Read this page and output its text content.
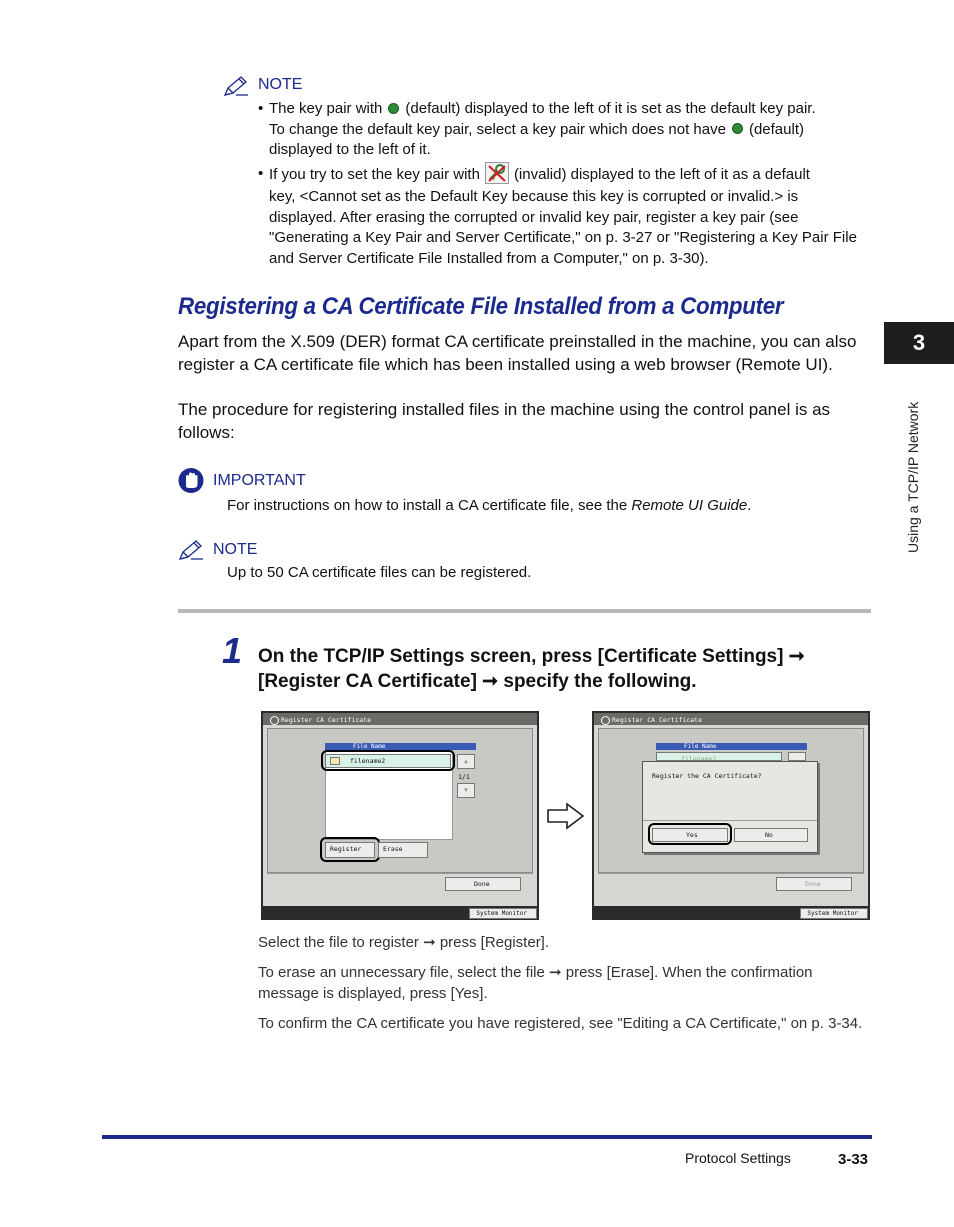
NOTE
• The key pair with (default) displayed to the left of it is set as the default key pair.
To change the default key pair, select a key pair which does not have (default)
displayed to the left of it.
• If you try to set the key pair with (invalid) displayed to the left of it as a default

key, <Cannot set as the Default Key because this key is corrupted or invalid.> is displayed. After erasing the corrupted or invalid key pair, register a key pair (see "Generating a Key Pair and Server Certificate," on p. 3-27 or "Registering a Key Pair File and Server Certificate File Installed from a Computer," on p. 3-30).
Registering a CA Certificate File Installed from a Computer
Apart from the X.509 (DER) format CA certificate preinstalled in the machine, you can also register a CA certificate file which has been installed using a web browser (Remote UI).
The procedure for registering installed files in the machine using the control panel is as follows:
IMPORTANT
For instructions on how to install a CA certificate file, see the Remote UI Guide.
NOTE
Up to 50 CA certificate files can be registered.
3
Using a TCP/IP Network
1 On the TCP/IP Settings screen, press [Certificate Settings] ➞
[Register CA Certificate] ➞ specify the following.
Register CA Certificate
File Name
filename2	▲
1/1
▼
Register	Erase
Done
System Monitor
Register CA Certificate
File Name
filename2
Register the CA Certificate?
Yes	No
Done
System Monitor
Select the file to register ➞ press [Register].
To erase an unnecessary file, select the file ➞ press [Erase]. When the confirmation message is displayed, press [Yes].
To confirm the CA certificate you have registered, see "Editing a CA Certificate," on p. 3-34.
Protocol Settings	3-33
